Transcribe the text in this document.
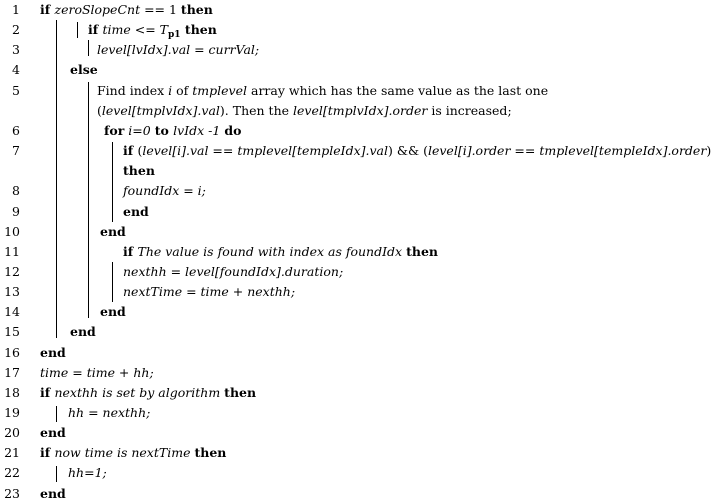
1 if zeroSlopeCnt == 1 then
2	if time <= $T_{p1}$ then
3	level[lvIdx].val = currVal;
4	else
5	Find index i of tmplevel array which has the same value as the last one
(level[tmplvIdx].val). Then the level[tmplvIdx].order is increased;
6	for i=0 to lvIdx -1 do
7	if (level[i].val == tmplevel[templeIdx].val) && (level[i].order == tmplevel[templeIdx].order)
then
8	foundIdx = i;
9	end
10	end
11	if The value is found with index as foundIdx then
12	nexthh = level[foundIdx].duration;
13	nextTime = time + nexthh;
14	end
15	end
16 end
17 time = time + hh;
18 if nexthh is set by algorithm then
19	hh = nexthh;
20 end
21 if now time is nextTime then
22	hh=1;
23 end
